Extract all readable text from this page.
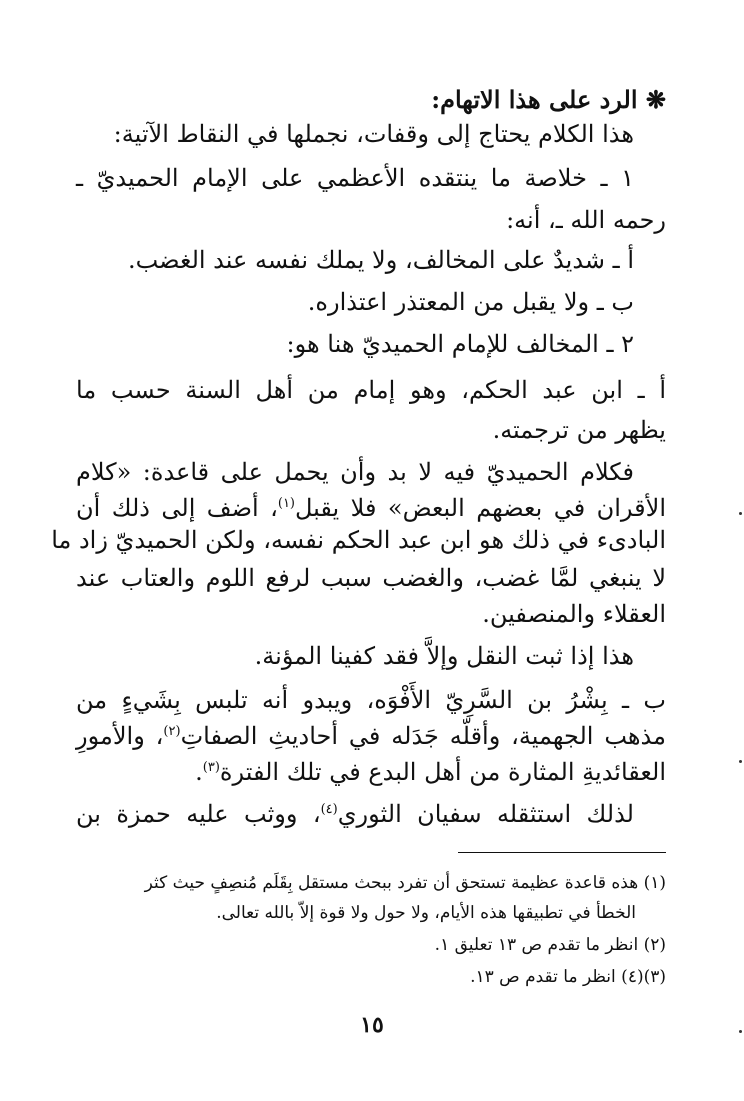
❋ الرد على هذا الاتهام:
هذا الكلام يحتاج إلى وقفات، نجملها في النقاط الآتية:
١ ـ خلاصة ما ينتقده الأعظمي على الإمام الحميديّ ـ
رحمه الله ـ، أنه:
أ ـ شديدٌ على المخالف، ولا يملك نفسه عند الغضب.
ب ـ ولا يقبل من المعتذر اعتذاره.
٢ ـ المخالف للإمام الحميديّ هنا هو:
أ ـ ابن عبد الحكم، وهو إمام من أهل السنة حسب ما
يظهر من ترجمته.
فكلام الحميديّ فيه لا بد وأن يحمل على قاعدة: «كلام
الأقران في بعضهم البعض» فلا يقبل$^{(١)}$، أضف إلى ذلك أن
البادىء في ذلك هو ابن عبد الحكم نفسه، ولكن الحميديّ زاد ما
لا ينبغي لمَّا غضب، والغضب سبب لرفع اللوم والعتاب عند
العقلاء والمنصفين.
هذا إذا ثبت النقل وإلاَّ فقد كفينا المؤنة.
ب ـ بِشْرُ بن السَّرِيّ الأَفْوَه، ويبدو أنه تلبس بِشَيءٍ من
مذهب الجهمية، وأقلّه جَدَله في أحاديثِ الصفاتِ$^{(٢)}$، والأمورِ
العقائديةِ المثارة من أهل البدع في تلك الفترة$^{(٣)}$.
لذلك استثقله سفيان الثوري$^{(٤)}$، ووثب عليه حمزة بن
(١) هذه قاعدة عظيمة تستحق أن تفرد ببحث مستقل بِقَلَم مُنصِفٍ حيث كثر
الخطأ في تطبيقها هذه الأيام، ولا حول ولا قوة إلاّ بالله تعالى.
(٢) انظر ما تقدم ص ١٣ تعليق ١.
(٣)(٤) انظر ما تقدم ص ١٣.
١٥
